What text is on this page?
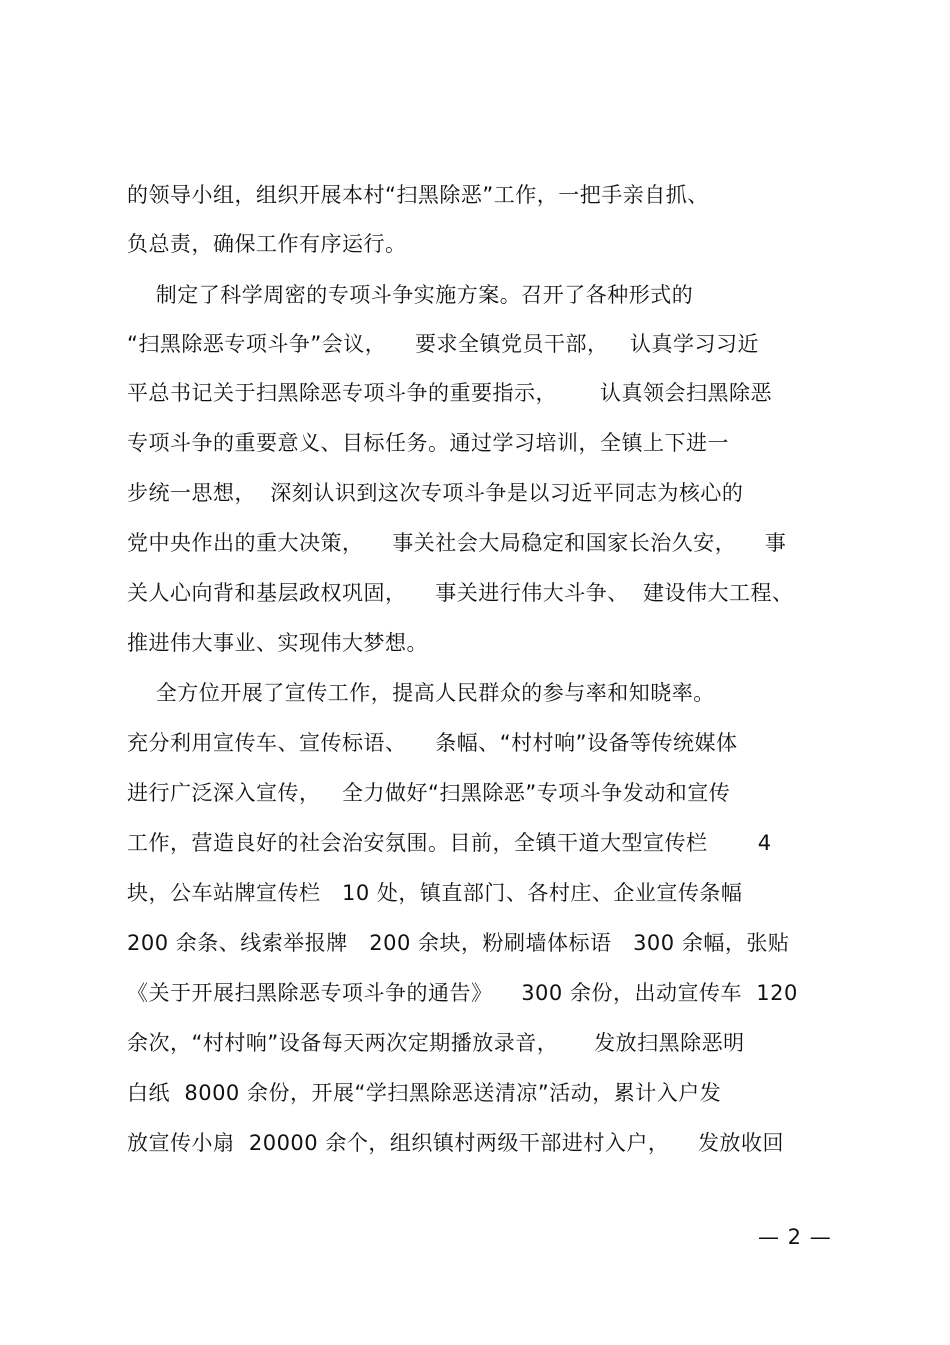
的领导小组，组织开展本村“扫黑除恶”工作，一把手亲自抓、
负总责，确保工作有序运行。
制定了科学周密的专项斗争实施方案。召开了各种形式的
“扫黑除恶专项斗争”会议，    要求全镇党员干部，   认真学习习近
平总书记关于扫黑除恶专项斗争的重要指示，      认真领会扫黑除恶
专项斗争的重要意义、目标任务。通过学习培训，全镇上下进一
步统一思想，  深刻认识到这次专项斗争是以习近平同志为核心的
党中央作出的重大决策，    事关社会大局稳定和国家长治久安，    事
关人心向背和基层政权巩固，    事关进行伟大斗争、  建设伟大工程、
推进伟大事业、实现伟大梦想。
全方位开展了宣传工作，提高人民群众的参与率和知晓率。
充分利用宣传车、宣传标语、    条幅、“村村响”设备等传统媒体
进行广泛深入宣传，   全力做好“扫黑除恶”专项斗争发动和宣传
工作，营造良好的社会治安氛围。目前，全镇干道大型宣传栏       4
块，公车站牌宣传栏   10 处，镇直部门、各村庄、企业宣传条幅
200 余条、线索举报牌   200 余块，粉刷墙体标语   300 余幅，张贴
《关于开展扫黑除恶专项斗争的通告》    300 余份，出动宣传车  120
余次，“村村响”设备每天两次定期播放录音，     发放扫黑除恶明
白纸  8000 余份，开展“学扫黑除恶送清凉”活动，累计入户发
放宣传小扇  20000 余个，组织镇村两级干部进村入户，    发放收回
— 2 —
